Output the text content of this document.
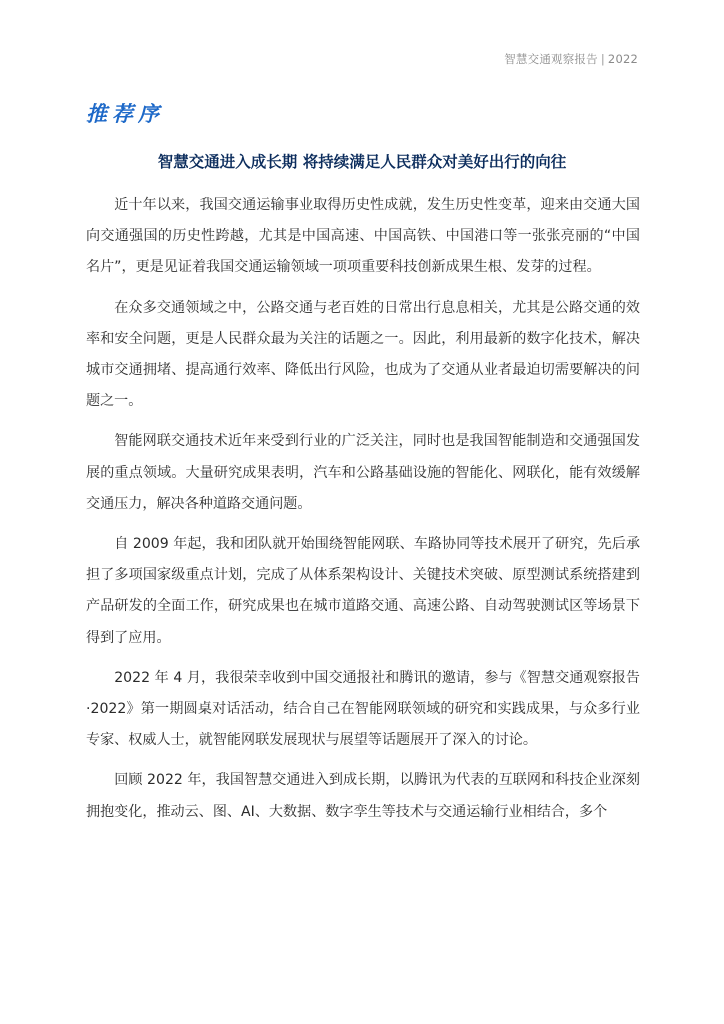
智慧交通观察报告 | 2022
推荐序
智慧交通进入成长期 将持续满足人民群众对美好出行的向往

近十年以来，我国交通运输事业取得历史性成就，发生历史性变革，迎来由交通大国向交通强国的历史性跨越，尤其是中国高速、中国高铁、中国港口等一张张亮丽的“中国名片”，更是见证着我国交通运输领域一项项重要科技创新成果生根、发芽的过程。

在众多交通领域之中，公路交通与老百姓的日常出行息息相关，尤其是公路交通的效率和安全问题，更是人民群众最为关注的话题之一。因此，利用最新的数字化技术，解决城市交通拥堵、提高通行效率、降低出行风险，也成为了交通从业者最迫切需要解决的问题之一。

智能网联交通技术近年来受到行业的广泛关注，同时也是我国智能制造和交通强国发展的重点领域。大量研究成果表明，汽车和公路基础设施的智能化、网联化，能有效缓解交通压力，解决各种道路交通问题。

自 2009 年起，我和团队就开始围绕智能网联、车路协同等技术展开了研究，先后承担了多项国家级重点计划，完成了从体系架构设计、关键技术突破、原型测试系统搭建到产品研发的全面工作，研究成果也在城市道路交通、高速公路、自动驾驶测试区等场景下得到了应用。

2022 年 4 月，我很荣幸收到中国交通报社和腾讯的邀请，参与《智慧交通观察报告·2022》第一期圆桌对话活动，结合自己在智能网联领域的研究和实践成果，与众多行业专家、权威人士，就智能网联发展现状与展望等话题展开了深入的讨论。

回顾 2022 年，我国智慧交通进入到成长期，以腾讯为代表的互联网和科技企业深刻拥抱变化，推动云、图、AI、大数据、数字孪生等技术与交通运输行业相结合，多个
